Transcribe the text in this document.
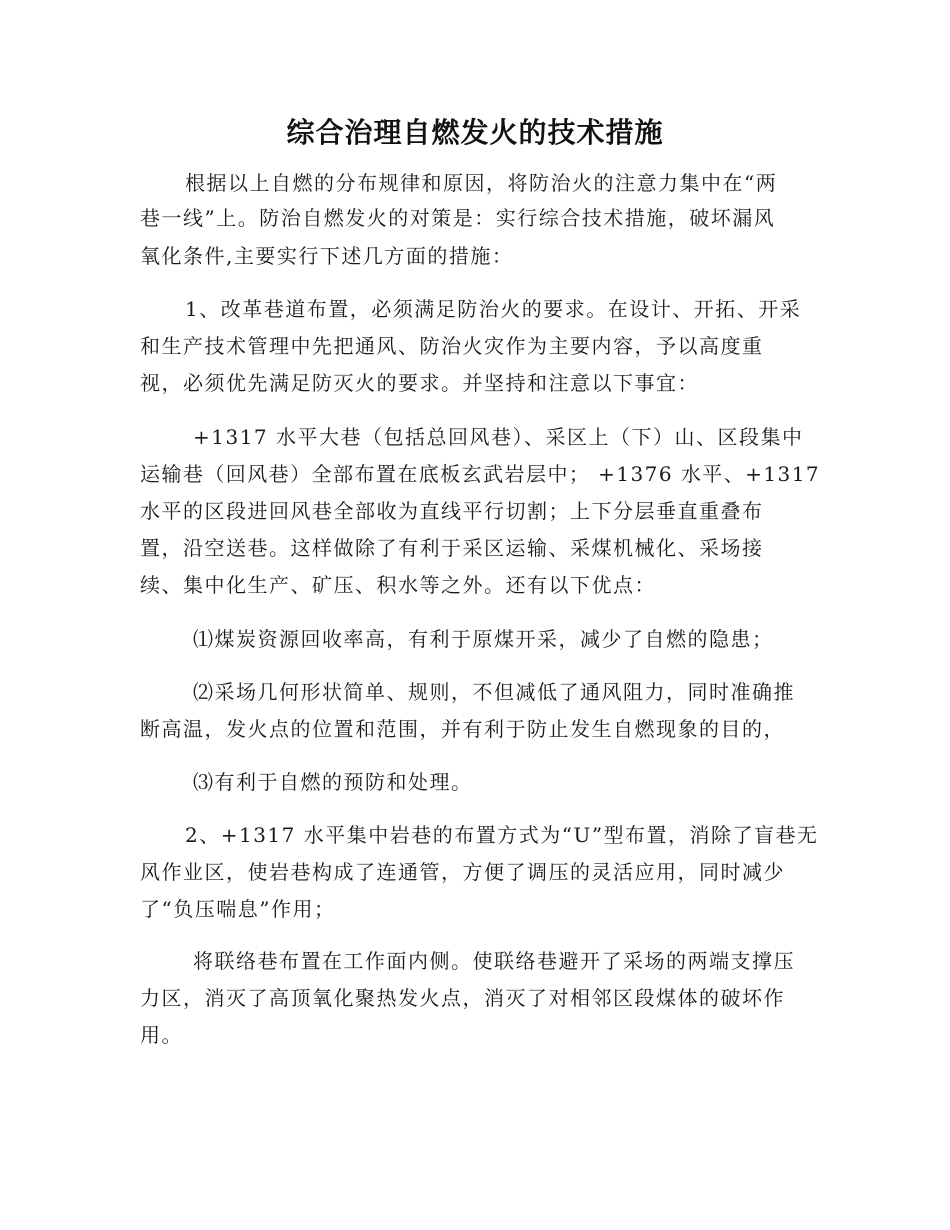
综合治理自燃发火的技术措施
根据以上自燃的分布规律和原因，将防治火的注意力集中在“两
巷一线”上。防治自燃发火的对策是：实行综合技术措施，破坏漏风
氧化条件,主要实行下述几方面的措施：
1、改革巷道布置，必须满足防治火的要求。在设计、开拓、开采
和生产技术管理中先把通风、防治火灾作为主要内容，予以高度重
视，必须优先满足防灭火的要求。并坚持和注意以下事宜：
+1317 水平大巷（包括总回风巷）、采区上（下）山、区段集中
运输巷（回风巷）全部布置在底板玄武岩层中； +1376 水平、+1317
水平的区段进回风巷全部收为直线平行切割；上下分层垂直重叠布
置，沿空送巷。这样做除了有利于采区运输、采煤机械化、采场接
续、集中化生产、矿压、积水等之外。还有以下优点：
⑴煤炭资源回收率高，有利于原煤开采，减少了自燃的隐患；
⑵采场几何形状简单、规则，不但减低了通风阻力，同时准确推
断高温，发火点的位置和范围，并有利于防止发生自燃现象的目的，
⑶有利于自燃的预防和处理。
2、+1317 水平集中岩巷的布置方式为“U”型布置，消除了盲巷无
风作业区，使岩巷构成了连通管，方便了调压的灵活应用，同时减少
了“负压喘息”作用；
将联络巷布置在工作面内侧。使联络巷避开了采场的两端支撑压
力区，消灭了高顶氧化聚热发火点，消灭了对相邻区段煤体的破坏作
用。
